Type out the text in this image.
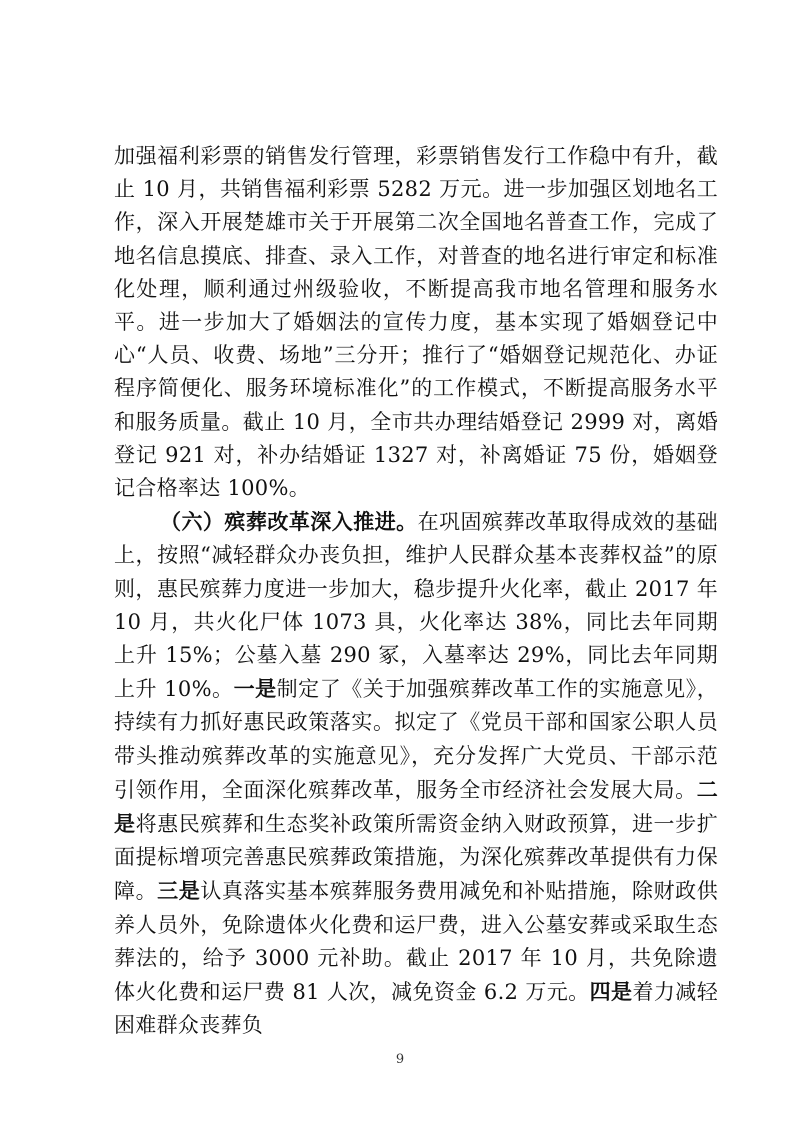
加强福利彩票的销售发行管理，彩票销售发行工作稳中有升，截止 10 月，共销售福利彩票 5282 万元。进一步加强区划地名工作，深入开展楚雄市关于开展第二次全国地名普查工作，完成了地名信息摸底、排查、录入工作，对普查的地名进行审定和标准化处理，顺利通过州级验收，不断提高我市地名管理和服务水平。进一步加大了婚姻法的宣传力度，基本实现了婚姻登记中心“人员、收费、场地”三分开；推行了“婚姻登记规范化、办证程序简便化、服务环境标准化”的工作模式，不断提高服务水平和服务质量。截止 10 月，全市共办理结婚登记 2999 对，离婚登记 921 对，补办结婚证 1327 对，补离婚证 75 份，婚姻登记合格率达 100%。

（六）殡葬改革深入推进。在巩固殡葬改革取得成效的基础上，按照“减轻群众办丧负担，维护人民群众基本丧葬权益”的原则，惠民殡葬力度进一步加大，稳步提升火化率，截止 2017 年 10 月，共火化尸体 1073 具，火化率达 38%，同比去年同期上升 15%；公墓入墓 290 冢，入墓率达 29%，同比去年同期上升 10%。一是制定了《关于加强殡葬改革工作的实施意见》，持续有力抓好惠民政策落实。拟定了《党员干部和国家公职人员带头推动殡葬改革的实施意见》，充分发挥广大党员、干部示范引领作用，全面深化殡葬改革，服务全市经济社会发展大局。二是将惠民殡葬和生态奖补政策所需资金纳入财政预算，进一步扩面提标增项完善惠民殡葬政策措施，为深化殡葬改革提供有力保障。三是认真落实基本殡葬服务费用减免和补贴措施，除财政供养人员外，免除遗体火化费和运尸费，进入公墓安葬或采取生态葬法的，给予 3000 元补助。截止 2017 年 10 月，共免除遗体火化费和运尸费 81 人次，减免资金 6.2 万元。四是着力减轻困难群众丧葬负

9
